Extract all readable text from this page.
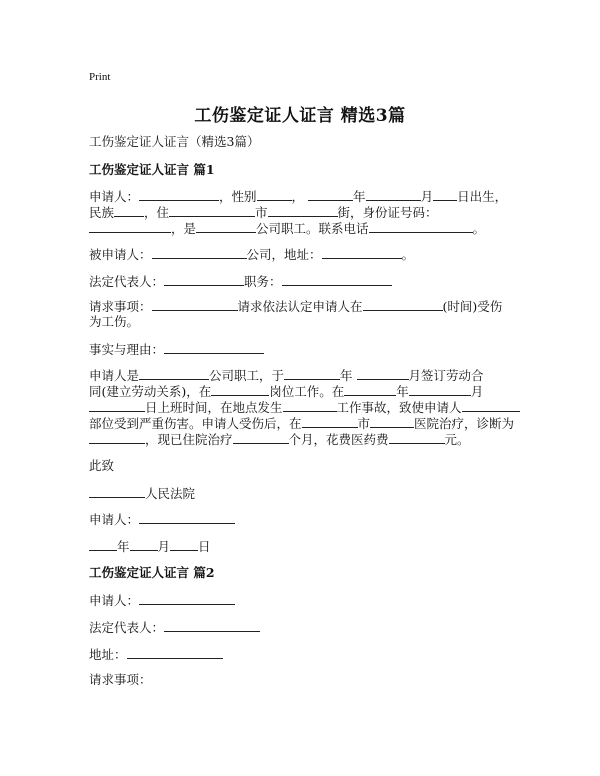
Print
工伤鉴定证人证言 精选3篇
工伤鉴定证人证言（精选3篇）
工伤鉴定证人证言 篇1
申请人：	，性别	，	年	月 日出生，
民族 ，住	市	街，身份证号码：
，是	公司职工。联系电话	。
被申请人：	公司，地址：	。
法定代表人：	职务：
请求事项：	请求依法认定申请人在	(时间)受伤
为工伤。
事实与理由：
申请人是	公司职工，于	年	月签订劳动合
同(建立劳动关系)，在	岗位工作。在	年	月
日上班时间，在地点发生	工作事故，致使申请人
部位受到严重伤害。申请人受伤后，在	市	医院治疗，诊断为
，现已住院治疗	个月，花费医药费	元。
此致
人民法院
申请人：
年 月 日
工伤鉴定证人证言 篇2
申请人：
法定代表人：
地址：
请求事项：
